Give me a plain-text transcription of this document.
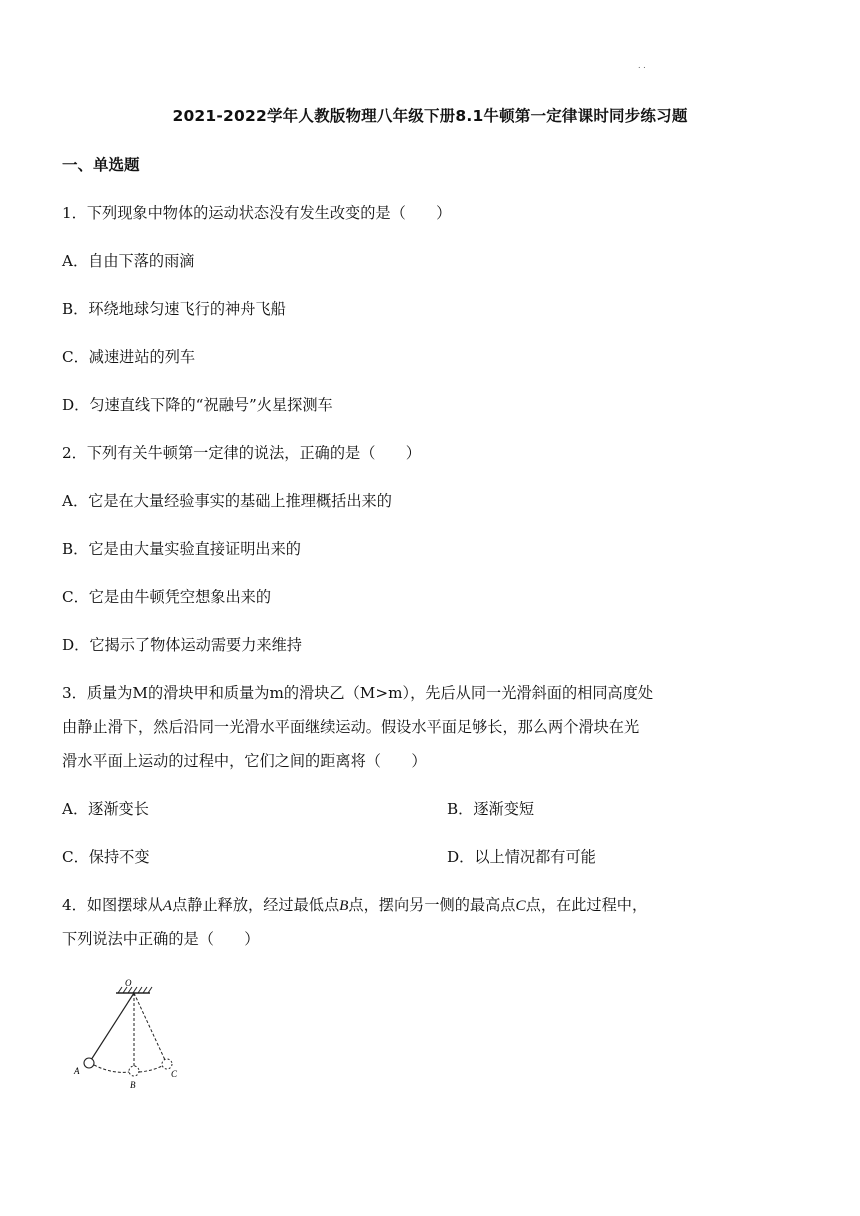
. .
2021-2022学年人教版物理八年级下册8.1牛顿第一定律课时同步练习题
一、单选题
1．下列现象中物体的运动状态没有发生改变的是（　　）
A．自由下落的雨滴
B．环绕地球匀速飞行的神舟飞船
C．减速进站的列车
D．匀速直线下降的“祝融号”火星探测车
2．下列有关牛顿第一定律的说法，正确的是（　　）
A．它是在大量经验事实的基础上推理概括出来的
B．它是由大量实验直接证明出来的
C．它是由牛顿凭空想象出来的
D．它揭示了物体运动需要力来维持
3．质量为M的滑块甲和质量为m的滑块乙（M>m），先后从同一光滑斜面的相同高度处
由静止滑下，然后沿同一光滑水平面继续运动。假设水平面足够长，那么两个滑块在光
滑水平面上运动的过程中，它们之间的距离将（　　）
A．逐渐变长	B．逐渐变短
C．保持不变	D．以上情况都有可能
4．如图摆球从A点静止释放，经过最低点B点，摆向另一侧的最高点C点，在此过程中，
下列说法中正确的是（　　）
O
A
B
C
